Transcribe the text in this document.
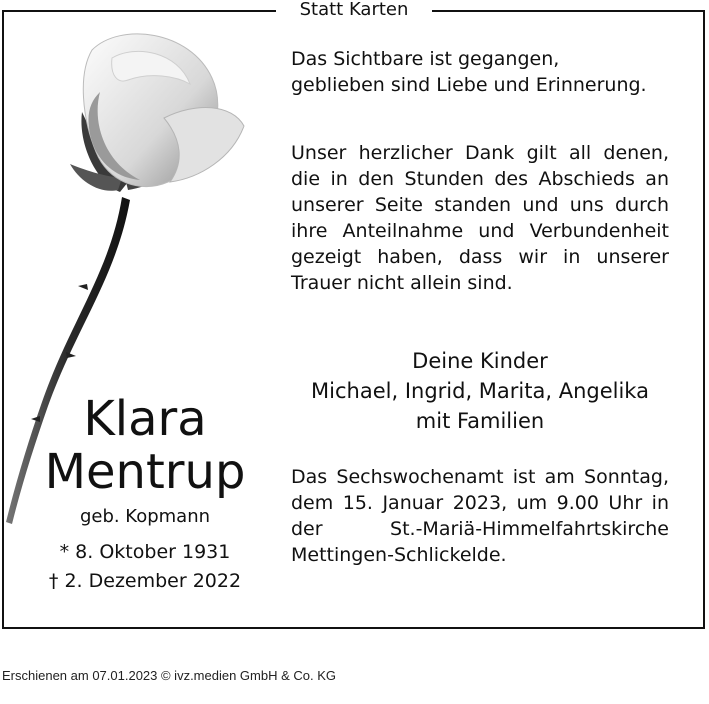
Statt Karten

Klara

Mentrup

geb. Kopmann

* 8. Oktober 1931

† 2. Dezember 2022

Das Sichtbare ist gegangen,

geblieben sind Liebe und Erinnerung.

Unser herzlicher Dank gilt all denen, die in den Stunden des Abschieds an unserer Seite standen und uns durch ihre Anteilnahme und Verbundenheit gezeigt haben, dass wir in unserer Trauer nicht allein sind.

Deine Kinder

Michael, Ingrid, Marita, Angelika

mit Familien

Das Sechswochenamt ist am Sonntag, dem 15. Januar 2023, um 9.00 Uhr in der St.-Mariä-Himmelfahrtskirche Mettingen-Schlickelde.

Erschienen am 07.01.2023 © ivz.medien GmbH & Co. KG
